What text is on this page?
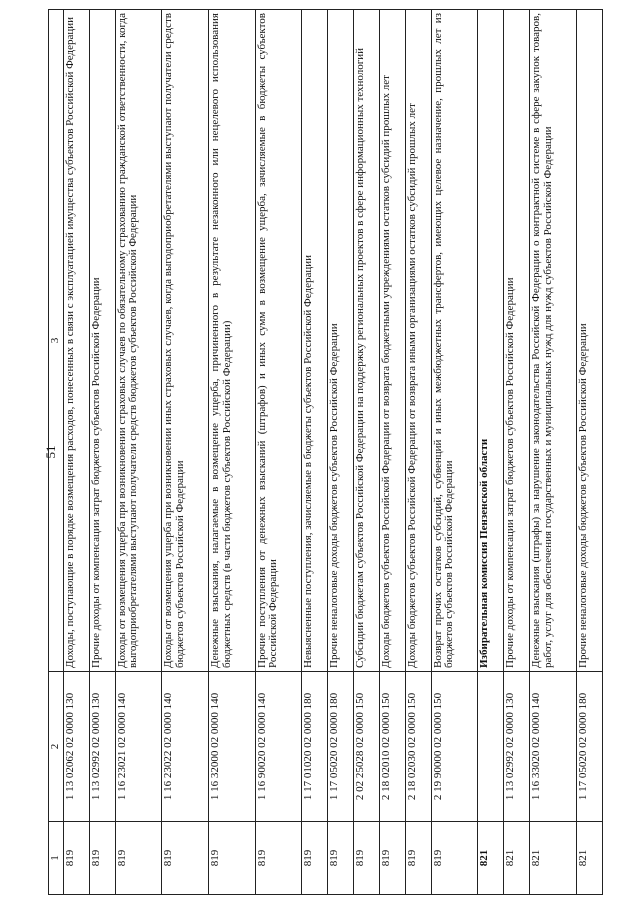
51
1	2	3
819	1 13 02062 02 0000 130	Доходы, поступающие в порядке возмещения расходов, понесенных в связи с эксплуатацией имущества субъектов Российской Федерации
819	1 13 02992 02 0000 130	Прочие доходы от компенсации затрат бюджетов субъектов Российской Федерации
819	1 16 23021 02 0000 140	Доходы от возмещения ущерба при возникновении страховых случаев по обязательному страхованию гражданской ответственности, когда выгодоприобретателями выступают получатели средств бюджетов субъектов Российской Федерации
819	1 16 23022 02 0000 140	Доходы от возмещения ущерба при возникновении иных страховых случаев, когда выгодоприобретателями выступают получатели средств бюджетов субъектов Российской Федерации
819	1 16 32000 02 0000 140	Денежные взыскания, налагаемые в возмещение ущерба, причиненного в результате незаконного или нецелевого использования бюджетных средств (в части бюджетов субъектов Российской Федерации)
819	1 16 90020 02 0000 140	Прочие поступления от денежных взысканий (штрафов) и иных сумм в возмещение ущерба, зачисляемые в бюджеты субъектов Российской Федерации
819	1 17 01020 02 0000 180	Невыясненные поступления, зачисляемые в бюджеты субъектов Российской Федерации
819	1 17 05020 02 0000 180	Прочие неналоговые доходы бюджетов субъектов Российской Федерации
819	2 02 25028 02 0000 150	Субсидии бюджетам субъектов Российской Федерации на поддержку региональных проектов в сфере информационных технологий
819	2 18 02010 02 0000 150	Доходы бюджетов субъектов Российской Федерации от возврата бюджетными учреждениями остатков субсидий прошлых лет
819	2 18 02030 02 0000 150	Доходы бюджетов субъектов Российской Федерации от возврата иными организациями остатков субсидий прошлых лет
819	2 19 90000 02 0000 150	Возврат прочих остатков субсидий, субвенций и иных межбюджетных трансфертов, имеющих целевое назначение, прошлых лет из бюджетов субъектов Российской Федерации
821		Избирательная комиссия Пензенской области
821	1 13 02992 02 0000 130	Прочие доходы от компенсации затрат бюджетов субъектов Российской Федерации
821	1 16 33020 02 0000 140	Денежные взыскания (штрафы) за нарушение законодательства Российской Федерации о контрактной системе в сфере закупок товаров, работ, услуг для обеспечения государственных и муниципальных нужд для нужд субъектов Российской Федерации
821	1 17 05020 02 0000 180	Прочие неналоговые доходы бюджетов субъектов Российской Федерации
